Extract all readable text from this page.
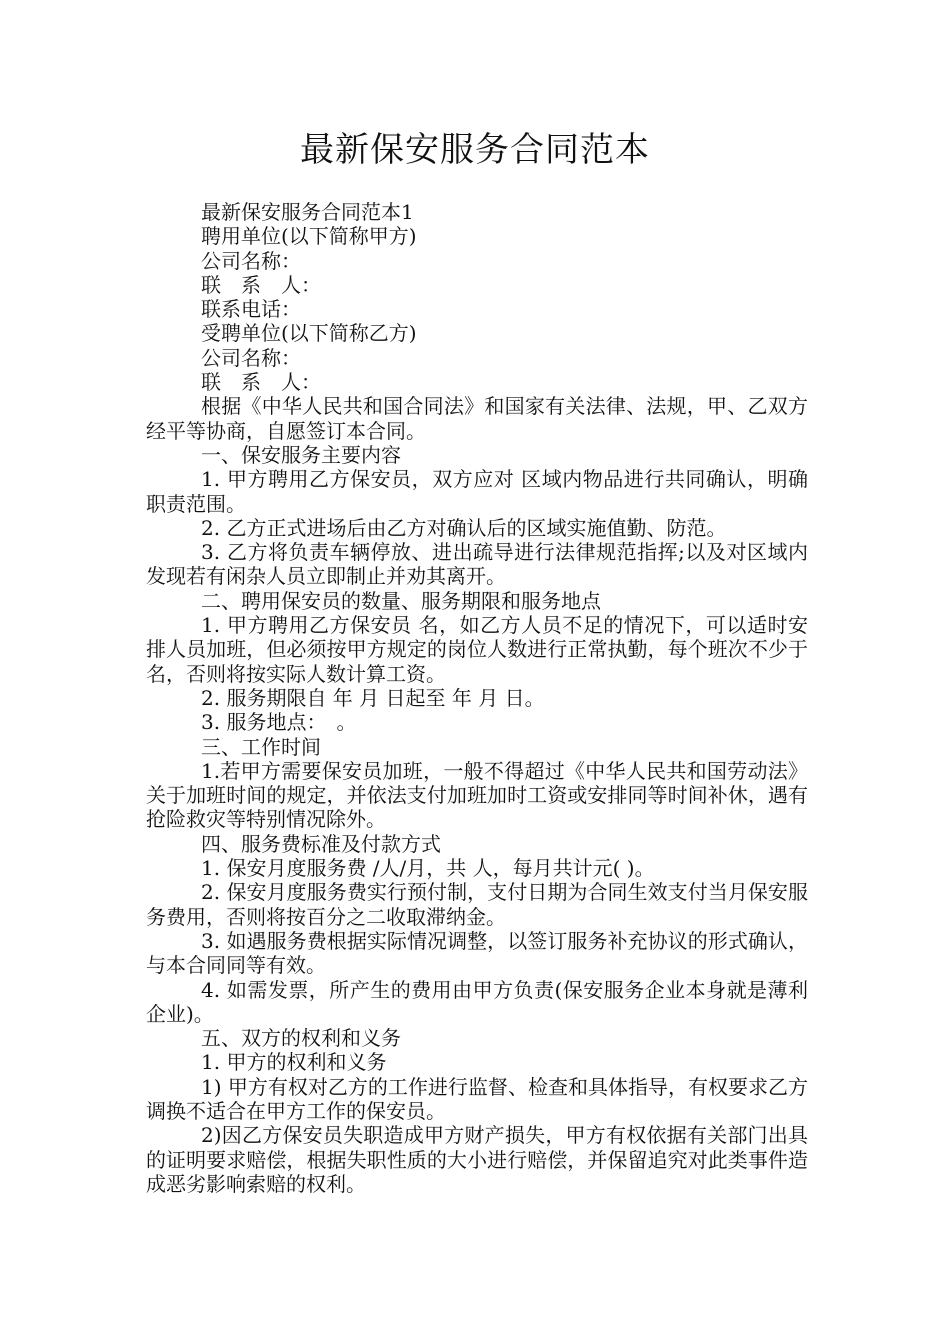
最新保安服务合同范本

最新保安服务合同范本1

聘用单位(以下简称甲方)

公司名称：

联　系　人：

联系电话：

受聘单位(以下简称乙方)

公司名称：

联　系　人：

根据《中华人民共和国合同法》和国家有关法律、法规，甲、乙双方经平等协商，自愿签订本合同。

一、保安服务主要内容

1. 甲方聘用乙方保安员，双方应对 区域内物品进行共同确认，明确职责范围。

2. 乙方正式进场后由乙方对确认后的区域实施值勤、防范。

3. 乙方将负责车辆停放、进出疏导进行法律规范指挥;以及对区域内发现若有闲杂人员立即制止并劝其离开。

二、聘用保安员的数量、服务期限和服务地点

1. 甲方聘用乙方保安员 名，如乙方人员不足的情况下，可以适时安排人员加班，但必须按甲方规定的岗位人数进行正常执勤，每个班次不少于名，否则将按实际人数计算工资。

2. 服务期限自 年 月 日起至 年 月 日。

3. 服务地点：　。

三、工作时间

1.若甲方需要保安员加班，一般不得超过《中华人民共和国劳动法》关于加班时间的规定，并依法支付加班加时工资或安排同等时间补休，遇有抢险救灾等特别情况除外。

四、服务费标准及付款方式

1. 保安月度服务费 /人/月，共 人，每月共计元( )。

2. 保安月度服务费实行预付制，支付日期为合同生效支付当月保安服务费用，否则将按百分之二收取滞纳金。

3. 如遇服务费根据实际情况调整，以签订服务补充协议的形式确认，与本合同同等有效。

4. 如需发票，所产生的费用由甲方负责(保安服务企业本身就是薄利企业)。

五、双方的权利和义务

1. 甲方的权利和义务

1) 甲方有权对乙方的工作进行监督、检查和具体指导，有权要求乙方调换不适合在甲方工作的保安员。

2)因乙方保安员失职造成甲方财产损失，甲方有权依据有关部门出具的证明要求赔偿，根据失职性质的大小进行赔偿，并保留追究对此类事件造成恶劣影响索赔的权利。
